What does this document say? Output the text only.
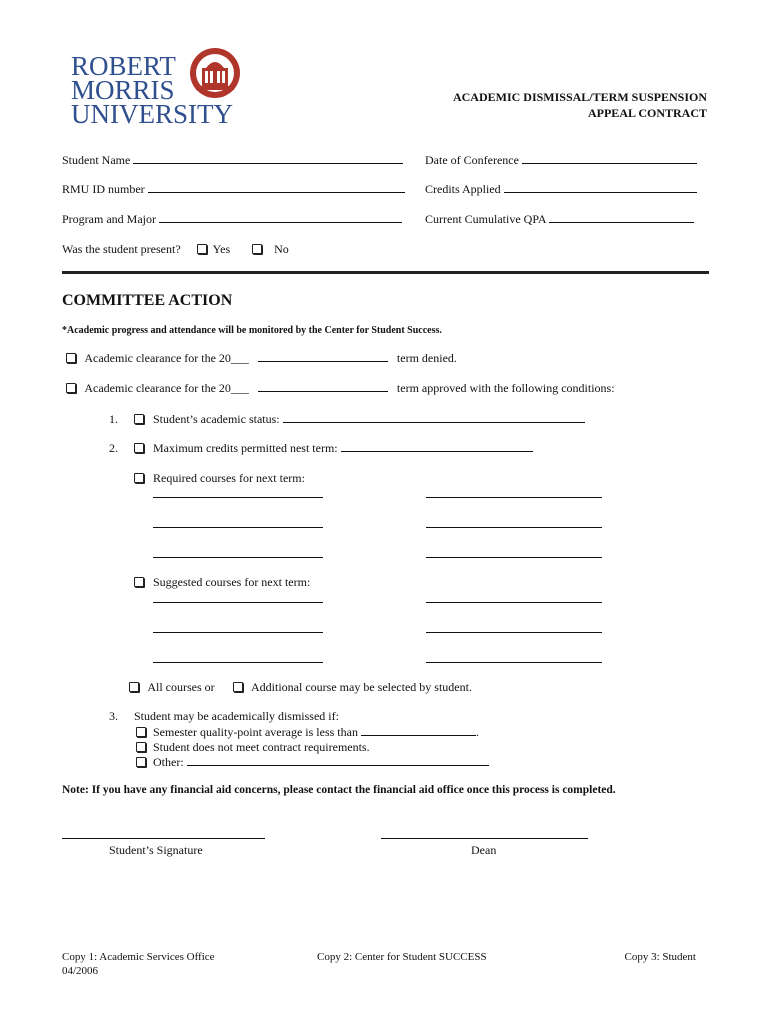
ROBERT
MORRIS
UNIVERSITY
ACADEMIC DISMISSAL/TERM SUSPENSION
APPEAL CONTRACT
Student Name	Date of Conference
RMU ID number	Credits Applied
Program and Major	Current Cumulative QPA
Was the student present?	Yes	No
COMMITTEE ACTION
*Academic progress and attendance will be monitored by the Center for Student Success.
Academic clearance for the 20___	term denied.
Academic clearance for the 20___	term approved with the following conditions:
1.	Student’s academic status:
2.	Maximum credits permitted nest term:
Required courses for next term:
Suggested courses for next term:
All courses or	Additional course may be selected by student.
3. Student may be academically dismissed if:
Semester quality-point average is less than	.
Student does not meet contract requirements.
Other:
Note: If you have any financial aid concerns, please contact the financial aid office once this process is completed.
Student’s Signature	Dean
Copy 1: Academic Services Office
04/2006
Copy 2: Center for Student SUCCESS	Copy 3: Student
